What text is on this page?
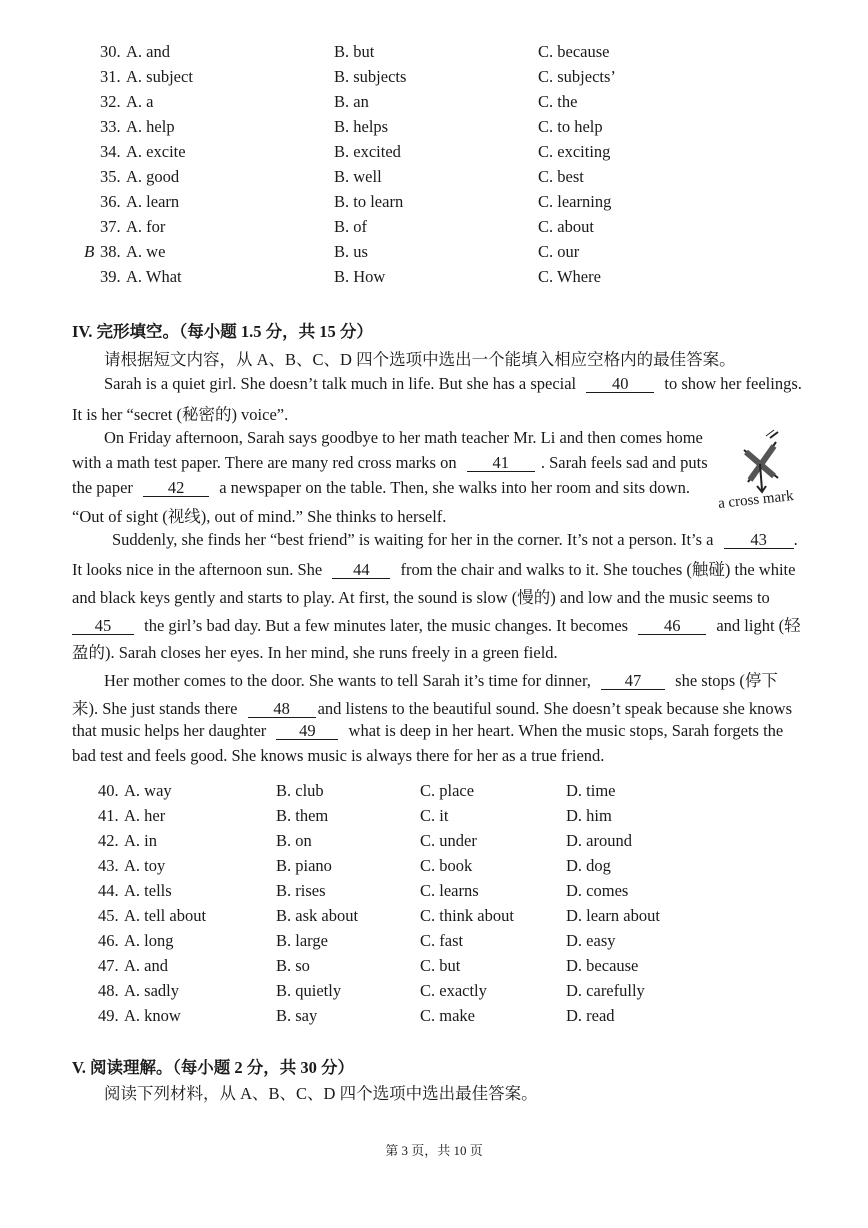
30. A. and	B. but	C. because
31. A. subject	B. subjects	C. subjects’
32. A. a	B. an	C. the
33. A. help	B. helps	C. to help
34. A. excite	B. excited	C. exciting
35. A. good	B. well	C. best
36. A. learn	B. to learn	C. learning
37. A. for	B. of	C. about
38. A. we	B. us	C. our
39. A. What	B. How	C. Where
B
IV. 完形填空。（每小题 1.5 分，共 15 分）
请根据短文内容，从 A、B、C、D 四个选项中选出一个能填入相应空格内的最佳答案。
Sarah is a quiet girl. She doesn’t talk much in life. But she has a special 40 to show her feelings.
It is her “secret (秘密的) voice”.
On Friday afternoon, Sarah says goodbye to her math teacher Mr. Li and then comes home
with a math test paper. There are many red cross marks on 41 . Sarah feels sad and puts
the paper 42 a newspaper on the table. Then, she walks into her room and sits down.
“Out of sight (视线), out of mind.” She thinks to herself.
Suddenly, she finds her “best friend” is waiting for her in the corner. It’s not a person. It’s a 43 .
It looks nice in the afternoon sun. She 44 from the chair and walks to it. She touches (触碰) the white
and black keys gently and starts to play. At first, the sound is slow (慢的) and low and the music seems to
45 the girl’s bad day. But a few minutes later, the music changes. It becomes 46 and light (轻
盈的). Sarah closes her eyes. In her mind, she runs freely in a green field.
Her mother comes to the door. She wants to tell Sarah it’s time for dinner, 47 she stops (停下
来). She just stands there 48 and listens to the beautiful sound. She doesn’t speak because she knows
that music helps her daughter 49 what is deep in her heart. When the music stops, Sarah forgets the
bad test and feels good. She knows music is always there for her as a true friend.
a cross mark
40. A. way	B. club	C. place	D. time
41. A. her	B. them	C. it	D. him
42. A. in	B. on	C. under	D. around
43. A. toy	B. piano	C. book	D. dog
44. A. tells	B. rises	C. learns	D. comes
45. A. tell about	B. ask about	C. think about	D. learn about
46. A. long	B. large	C. fast	D. easy
47. A. and	B. so	C. but	D. because
48. A. sadly	B. quietly	C. exactly	D. carefully
49. A. know	B. say	C. make	D. read
V. 阅读理解。（每小题 2 分，共 30 分）
阅读下列材料，从 A、B、C、D 四个选项中选出最佳答案。
第 3 页，共 10 页
